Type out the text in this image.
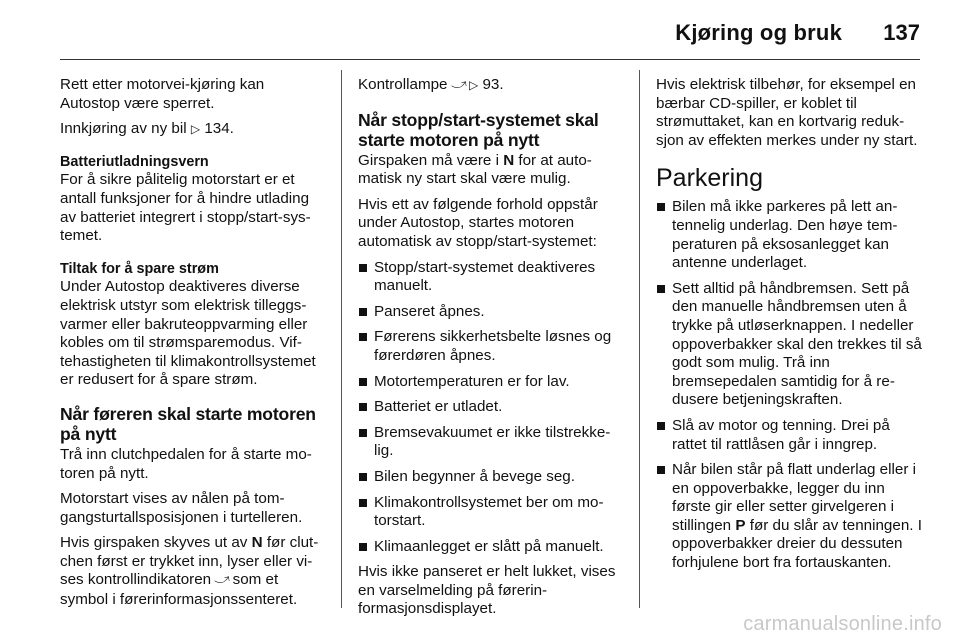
Kjøring og bruk 137

Rett etter motorvei-kjøring kan Autostop være sperret.

Innkjøring av ny bil ▷ 134.

Batteriutladningsvern

For å sikre pålitelig motorstart er et antall funksjoner for å hindre utlading av batteriet integrert i stopp/start-systemet.

Tiltak for å spare strøm

Under Autostop deaktiveres diverse elektrisk utstyr som elektrisk tilleggsvarmer eller bakruteoppvarming eller kobles om til strømsparemodus. Viftehastigheten til klimakontrollsystemet er redusert for å spare strøm.

Når føreren skal starte motoren på nytt

Trå inn clutchpedalen for å starte motoren på nytt.

Motorstart vises av nålen på tomgangsturtallsposisjonen i turtelleren.

Hvis girspaken skyves ut av N før clutchen først er trykket inn, lyser eller vises kontrollindikatoren ⤴ som et symbol i førerinformasjonssenteret.

Kontrollampe ⤴ ▷ 93.

Når stopp/start-systemet skal starte motoren på nytt

Girspaken må være i N for at automatisk ny start skal være mulig.

Hvis ett av følgende forhold oppstår under Autostop, startes motoren automatisk av stopp/start-systemet:

Stopp/start-systemet deaktiveres manuelt.
Panseret åpnes.
Førerens sikkerhetsbelte løsnes og førerdøren åpnes.
Motortemperaturen er for lav.
Batteriet er utladet.
Bremsevakuumet er ikke tilstrekkelig.
Bilen begynner å bevege seg.
Klimakontrollsystemet ber om motorstart.
Klimaanlegget er slått på manuelt.

Hvis ikke panseret er helt lukket, vises en varselmelding på førerinformasjonsdisplayet.

Hvis elektrisk tilbehør, for eksempel en bærbar CD-spiller, er koblet til strømuttaket, kan en kortvarig reduksjon av effekten merkes under ny start.

Parkering
Bilen må ikke parkeres på lett antennelig underlag. Den høye temperaturen på eksosanlegget kan antenne underlaget.
Sett alltid på håndbremsen. Sett på den manuelle håndbremsen uten å trykke på utløserknappen. I nedeller oppoverbakker skal den trekkes til så godt som mulig. Trå inn bremsepedalen samtidig for å redusere betjeningskraften.
Slå av motor og tenning. Drei på rattet til rattlåsen går i inngrep.
Når bilen står på flatt underlag eller i en oppoverbakke, legger du inn første gir eller setter girvelgeren i stillingen P før du slår av tenningen. I oppoverbakker dreier du dessuten forhjulene bort fra fortauskanten.
carmanualsonline.info
